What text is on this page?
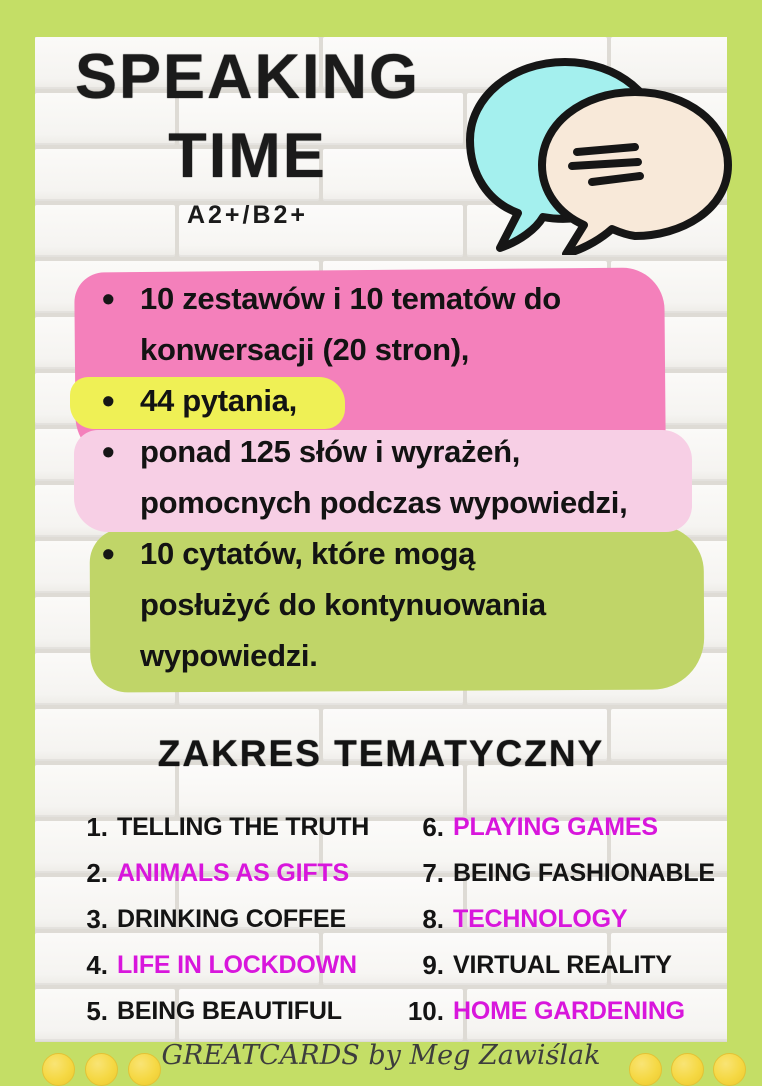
SPEAKING
TIME
A2+/B2+
• 10 zestawów i 10 tematów do
konwersacji (20 stron),
• 44 pytania,
• ponad 125 słów i wyrażeń,
pomocnych podczas wypowiedzi,
• 10 cytatów, które mogą
posłużyć do kontynuowania
wypowiedzi.
ZAKRES TEMATYCZNY
1. TELLING THE TRUTH
2. ANIMALS AS GIFTS
3. DRINKING COFFEE
4. LIFE IN LOCKDOWN
5. BEING BEAUTIFUL
6. PLAYING GAMES
7. BEING FASHIONABLE
8. TECHNOLOGY
9. VIRTUAL REALITY
10. HOME GARDENING
GREATCARDS by Meg Zawiślak
